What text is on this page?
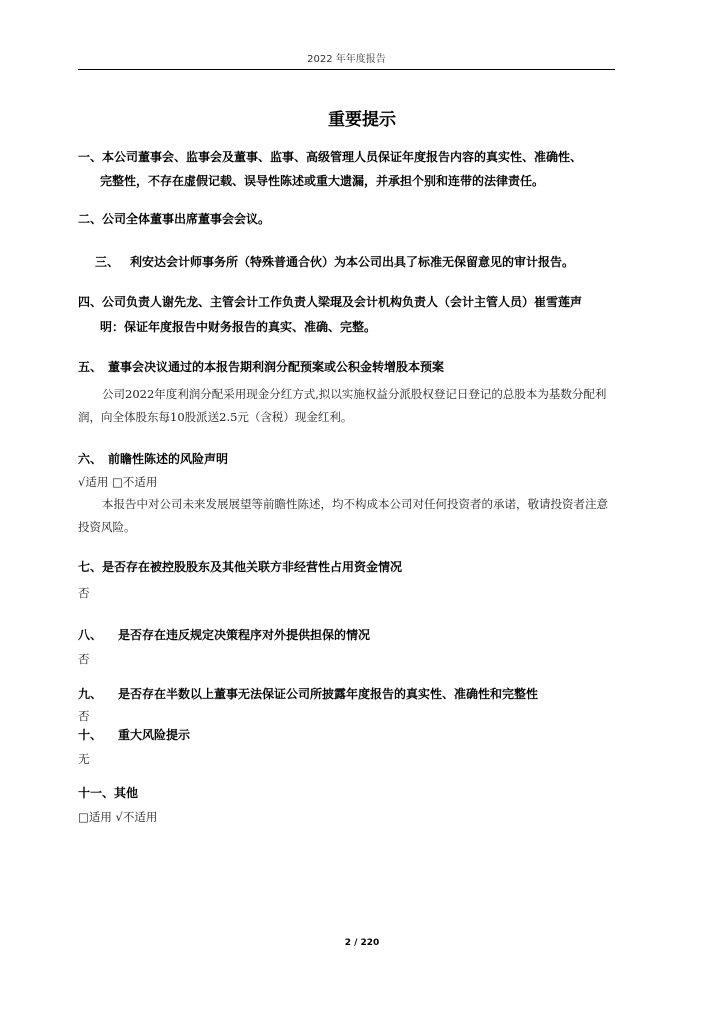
2022 年年度报告
重要提示
一、本公司董事会、监事会及董事、监事、高级管理人员保证年度报告内容的真实性、准确性、
完整性，不存在虚假记载、误导性陈述或重大遗漏，并承担个别和连带的法律责任。
二、公司全体董事出席董事会会议。
三、 利安达会计师事务所（特殊普通合伙）为本公司出具了标准无保留意见的审计报告。
四、公司负责人谢先龙、主管会计工作负责人梁琨及会计机构负责人（会计主管人员）崔雪莲声
明：保证年度报告中财务报告的真实、准确、完整。
五、 董事会决议通过的本报告期利润分配预案或公积金转增股本预案
公司2022年度利润分配采用现金分红方式,拟以实施权益分派股权登记日登记的总股本为基数分配利润，向全体股东每10股派送2.5元（含税）现金红利。
六、 前瞻性陈述的风险声明
√适用 □不适用
本报告中对公司未来发展展望等前瞻性陈述，均不构成本公司对任何投资者的承诺，敬请投资者注意投资风险。
七、是否存在被控股股东及其他关联方非经营性占用资金情况
否
八、 是否存在违反规定决策程序对外提供担保的情况
否
九、 是否存在半数以上董事无法保证公司所披露年度报告的真实性、准确性和完整性
否
十、 重大风险提示
无
十一、其他
□适用 √不适用
2 / 220
